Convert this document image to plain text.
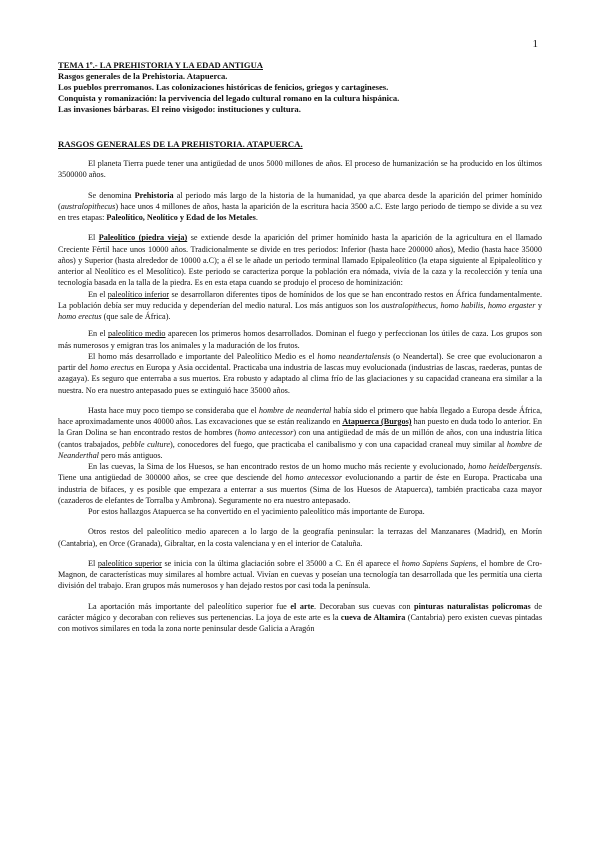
1
TEMA 1º.- LA PREHISTORIA Y LA EDAD ANTIGUA
Rasgos generales de la Prehistoria. Atapuerca.
Los pueblos prerromanos. Las colonizaciones históricas de fenicios, griegos y cartagineses.
Conquista y romanización: la pervivencia del legado cultural romano en la cultura hispánica.
Las invasiones bárbaras. El reino visigodo: instituciones y cultura.
RASGOS GENERALES DE LA PREHISTORIA. ATAPUERCA.

El planeta Tierra puede tener una antigüedad de unos 5000 millones de años. El proceso de humanización se ha producido en los últimos 3500000 años.

Se denomina Prehistoria al periodo más largo de la historia de la humanidad, ya que abarca desde la aparición del primer homínido (australopithecus) hace unos 4 millones de años, hasta la aparición de la escritura hacia 3500 a.C. Este largo periodo de tiempo se divide a su vez en tres etapas: Paleolítico, Neolítico y Edad de los Metales.

El Paleolítico (piedra vieja) se extiende desde la aparición del primer homínido hasta la aparición de la agricultura en el llamado Creciente Fértil hace unos 10000 años. Tradicionalmente se divide en tres periodos: Inferior (hasta hace 200000 años), Medio (hasta hace 35000 años) y Superior (hasta alrededor de 10000 a.C); a él se le añade un periodo terminal llamado Epipaleolítico (la etapa siguiente al Epipaleolítico y anterior al Neolítico es el Mesolítico). Este periodo se caracteriza porque la población era nómada, vivía de la caza y la recolección y tenía una tecnología basada en la talla de la piedra. Es en esta etapa cuando se produjo el proceso de hominización:

En el paleolítico inferior se desarrollaron diferentes tipos de homínidos de los que se han encontrado restos en África fundamentalmente. La población debía ser muy reducida y dependerían del medio natural. Los más antiguos son los australopithecus, homo habilis, homo ergaster y homo erectus (que sale de África).

En el paleolítico medio aparecen los primeros homos desarrollados. Dominan el fuego y perfeccionan los útiles de caza. Los grupos son más numerosos y emigran tras los animales y la maduración de los frutos.

El homo más desarrollado e importante del Paleolítico Medio es el homo neandertalensis (o Neandertal). Se cree que evolucionaron a partir del homo erectus en Europa y Asia occidental. Practicaba una industria de lascas muy evolucionada (industrias de lascas, raederas, puntas de azagaya). Es seguro que enterraba a sus muertos. Era robusto y adaptado al clima frío de las glaciaciones y su capacidad craneana era similar a la nuestra. No era nuestro antepasado pues se extinguió hace 35000 años.

Hasta hace muy poco tiempo se consideraba que el hombre de neandertal había sido el primero que había llegado a Europa desde África, hace aproximadamente unos 40000 años. Las excavaciones que se están realizando en Atapuerca (Burgos) han puesto en duda todo lo anterior. En la Gran Dolina se han encontrado restos de hombres (homo antecessor) con una antigüedad de más de un millón de años, con una industria lítica (cantos trabajados, pebble culture), conocedores del fuego, que practicaba el canibalismo y con una capacidad craneal muy similar al hombre de Neanderthal pero más antiguos.

En las cuevas, la Sima de los Huesos, se han encontrado restos de un homo mucho más reciente y evolucionado, homo heidelbergensis. Tiene una antigüedad de 300000 años, se cree que desciende del homo antecessor evolucionando a partir de éste en Europa. Practicaba una industria de bifaces, y es posible que empezara a enterrar a sus muertos (Sima de los Huesos de Atapuerca), también practicaba caza mayor (cazaderos de elefantes de Torralba y Ambrona). Seguramente no era nuestro antepasado.

Por estos hallazgos Atapuerca se ha convertido en el yacimiento paleolítico más importante de Europa.

Otros restos del paleolítico medio aparecen a lo largo de la geografía peninsular: la terrazas del Manzanares (Madrid), en Morín (Cantabria), en Orce (Granada), Gibraltar, en la costa valenciana y en el interior de Cataluña.

El paleolítico superior se inicia con la última glaciación sobre el 35000 a C. En él aparece el homo Sapiens Sapiens, el hombre de Cro-Magnon, de características muy similares al hombre actual. Vivían en cuevas y poseían una tecnología tan desarrollada que les permitía una cierta división del trabajo. Eran grupos más numerosos y han dejado restos por casi toda la península.

La aportación más importante del paleolítico superior fue el arte. Decoraban sus cuevas con pinturas naturalistas policromas de carácter mágico y decoraban con relieves sus pertenencias. La joya de este arte es la cueva de Altamira (Cantabria) pero existen cuevas pintadas con motivos similares en toda la zona norte peninsular desde Galicia a Aragón
